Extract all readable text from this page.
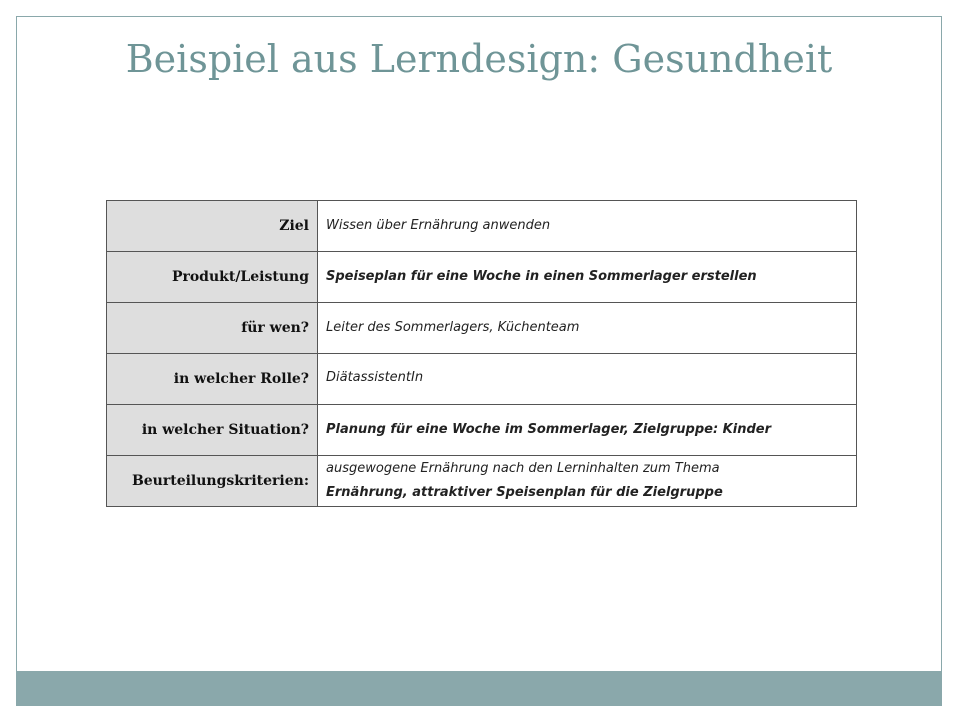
Beispiel aus Lerndesign: Gesundheit
Ziel	Wissen über Ernährung anwenden
Produkt/Leistung	Speiseplan für eine Woche in einen Sommerlager erstellen
für wen?	Leiter des Sommerlagers, Küchenteam
in welcher Rolle?	DiätassistentIn
in welcher Situation?	Planung für eine Woche im Sommerlager, Zielgruppe: Kinder
Beurteilungskriterien:	ausgewogene Ernährung nach den Lerninhalten zum Thema
Ernährung, attraktiver Speisenplan für die Zielgruppe
